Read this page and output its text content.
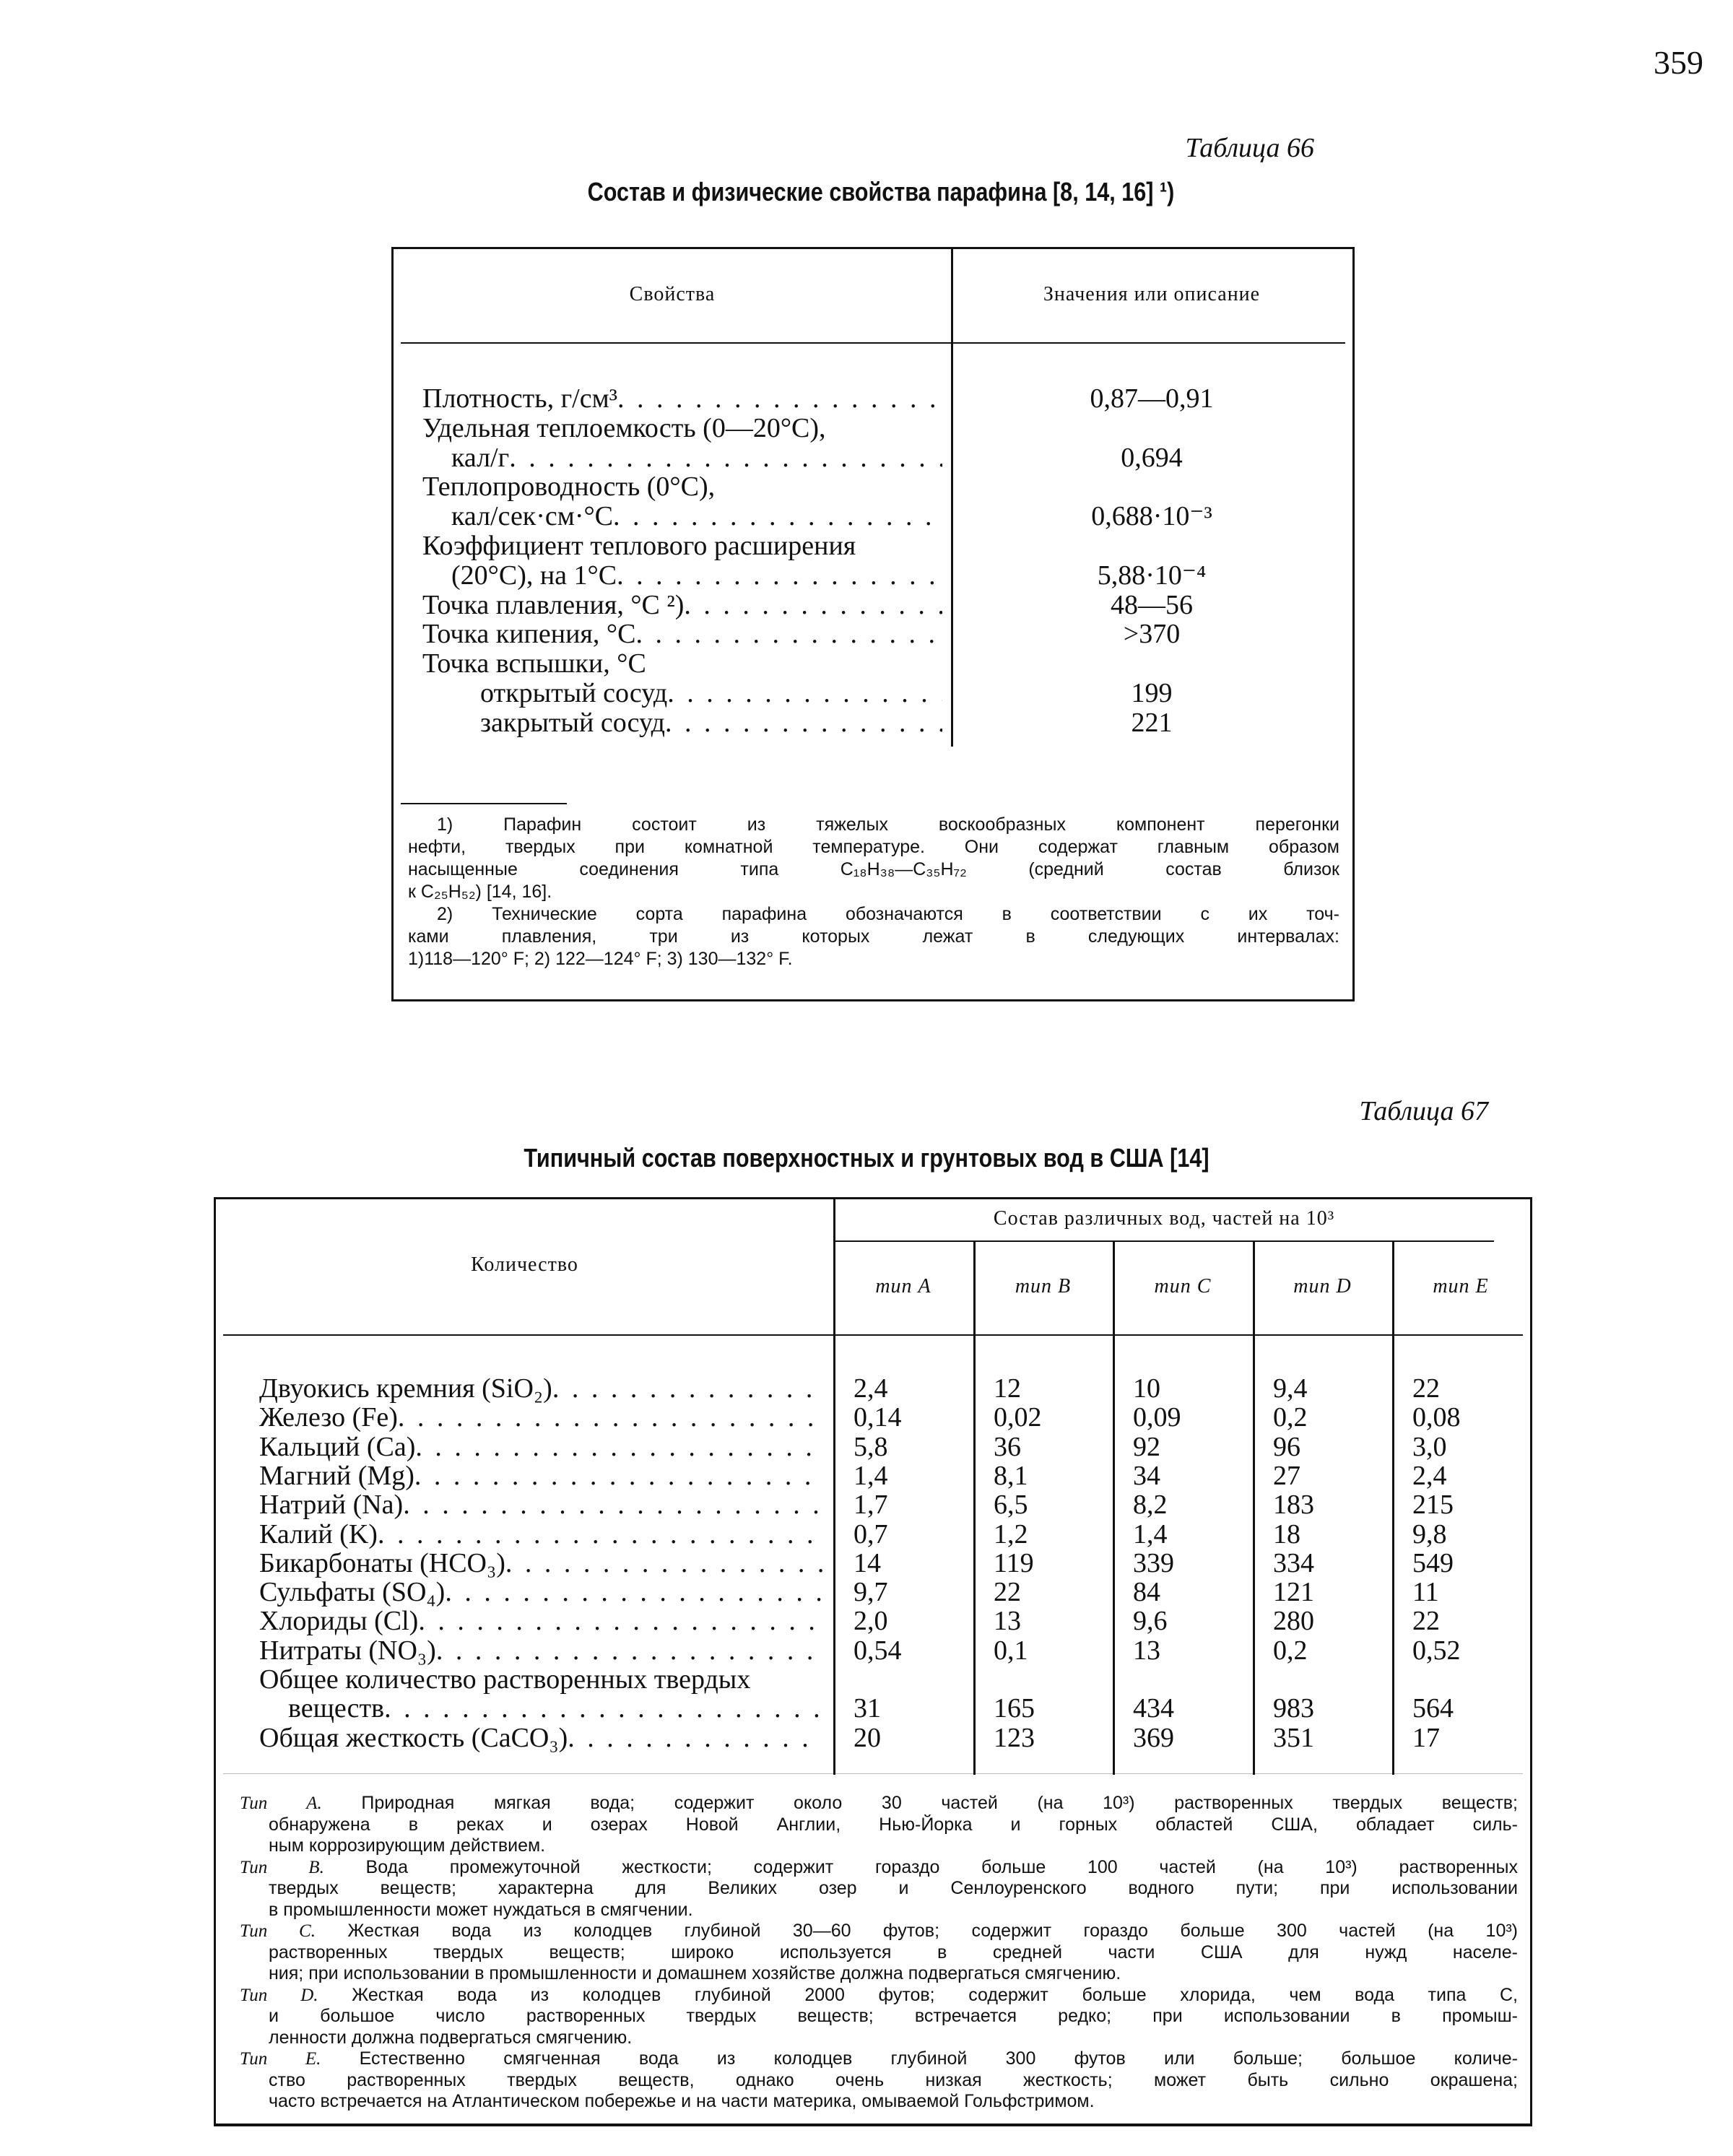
359
Таблица 66
Состав и физические свойства парафина [8, 14, 16] ¹)
Свойства	Значения или описание
1) Парафин состоит из тяжелых воскообразных компонент перегонки
нефти, твердых при комнатной температуре. Они содержат главным образом
насыщенные соединения типа C₁₈H₃₈—C₃₅H₇₂ (средний состав близок
к C₂₅H₅₂) [14, 16].
2) Технические сорта парафина обозначаются в соответствии с их точ-
ками плавления, три из которых лежат в следующих интервалах:
1)118—120° F; 2) 122—124° F; 3) 130—132° F.
Плотность, г/см³ . . .	0,87—0,91
Удельная теплоемкость (0—20°С),
кал/г . . .	0,694
Теплопроводность (0°С),
кал/сек·см·°С . . .	0,688·10⁻³
Коэффициент теплового расширения
(20°С), на 1°С . . .	5,88·10⁻⁴
Точка плавления, °С ²) . . .	48—56
Точка кипения, °С . . .	>370
Точка вспышки, °С
открытый сосуд . . .	199
закрытый сосуд . . .	221
Таблица 67
Типичный состав поверхностных и грунтовых вод в США [14]
Количество
Состав различных вод, частей на 10³
Тип A. Природная мягкая вода; содержит около 30 частей (на 10³) растворенных твердых веществ;
обнаружена в реках и озерах Новой Англии, Нью-Йорка и горных областей США, обладает силь-
ным коррозирующим действием.
Тип B. Вода промежуточной жесткости; содержит гораздо больше 100 частей (на 10³) растворенных
твердых веществ; характерна для Великих озер и Сенлоуренского водного пути; при использовании
в промышленности может нуждаться в смягчении.
Тип C. Жесткая вода из колодцев глубиной 30—60 футов; содержит гораздо больше 300 частей (на 10³)
растворенных твердых веществ; широко используется в средней части США для нужд населе-
ния; при использовании в промышленности и домашнем хозяйстве должна подвергаться смягчению.
Тип D. Жесткая вода из колодцев глубиной 2000 футов; содержит больше хлорида, чем вода типа C,
и большое число растворенных твердых веществ; встречается редко; при использовании в промыш-
ленности должна подвергаться смягчению.
Тип E. Естественно смягченная вода из колодцев глубиной 300 футов или больше; большое количе-
ство растворенных твердых веществ, однако очень низкая жесткость; может быть сильно окрашена;
часто встречается на Атлантическом побережье и на части материка, омываемой Гольфстримом.
тип A	тип B	тип C	тип D	тип E
Двуокись кремния (SiO₂) . . .	2,4	12	10	9,4	22
Железо (Fe) . . .	0,14	0,02	0,09	0,2	0,08
Кальций (Ca) . . .	5,8	36	92	96	3,0
Магний (Mg) . . .	1,4	8,1	34	27	2,4
Натрий (Na) . . .	1,7	6,5	8,2	183	215
Калий (K) . . .	0,7	1,2	1,4	18	9,8
Бикарбонаты (HCO₃) . . .	14	119	339	334	549
Сульфаты (SO₄) . . .	9,7	22	84	121	11
Хлориды (Cl) . . .	2,0	13	9,6	280	22
Нитраты (NO₃) . . .	0,54	0,1	13	0,2	0,52
Общее количество растворенных твердых
веществ . . .	31	165	434	983	564
Общая жесткость (CaCO₃) . . .	20	123	369	351	17
